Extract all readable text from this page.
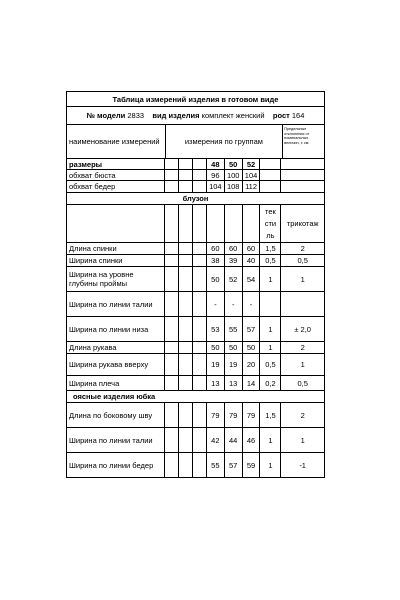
Таблица измерений изделия в готовом виде
№ модели 2833 вид изделия комплект женский рост 164
наименование измерений	измерения по группам
Предельные отклонения от номинальных величин, ± см.
размеры	48	50	52
обхват бюста	96 100 104
обхват бедер	104 108 112
блузон
тек
сти
ль
трикотаж
Длина спинки	60	60	60	1,5	2
Ширина спинки	38	39	40	0,5	0,5
Ширина на уровне глубины проймы	50	52	54	1	1
Ширина по линии талии	-	-	-
Ширина по линии низа	53	55	57	1	± 2,0
Длина рукава	50	50	50	1	2
Ширина рукава вверху	19	19	20	0,5	1
Ширина плеча	13	13	14	0,2	0,5
оясные изделия юбка
Длина по боковому шву	79	79	79	1,5	2
Ширина по линии талии	42	44	46	1	1
Ширина по линии бедер	55	57	59	1	-1
